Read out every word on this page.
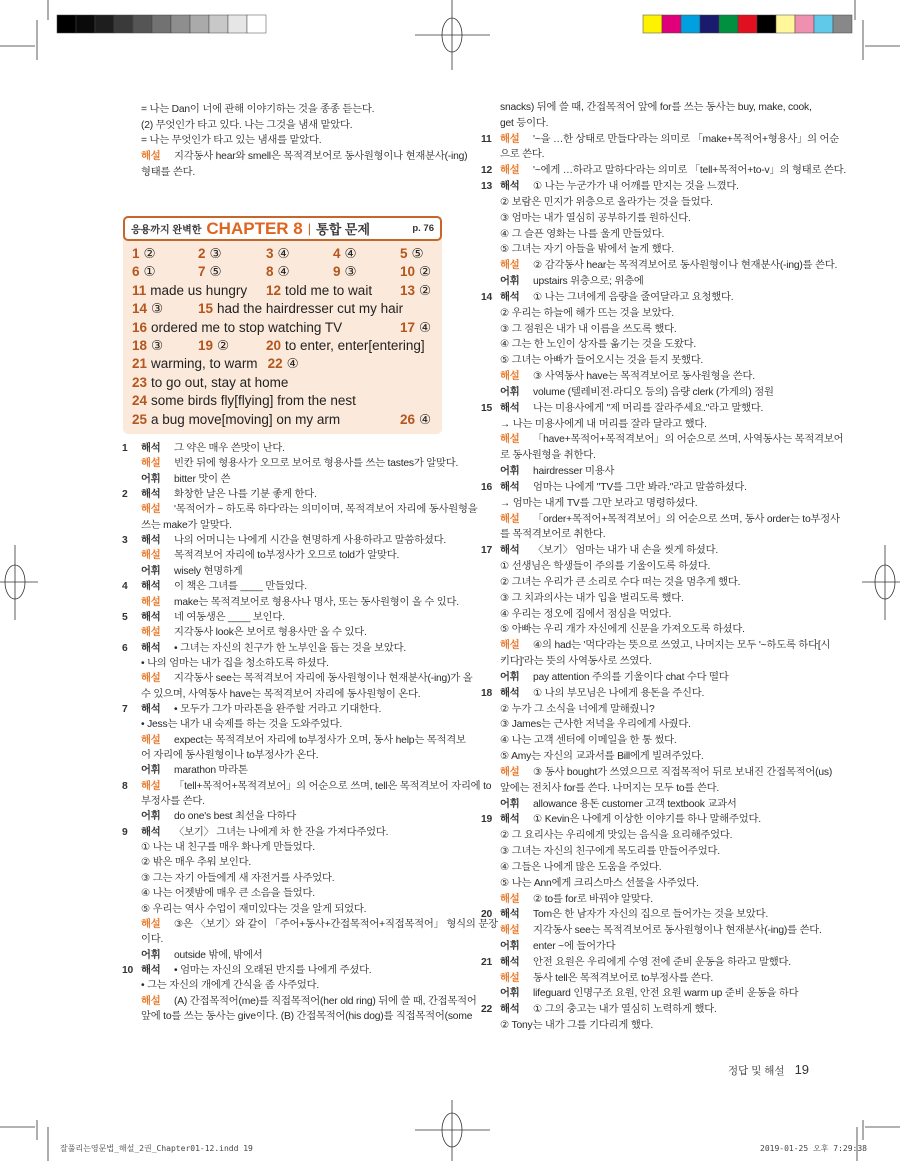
= 나는 Dan이 너에 관해 이야기하는 것을 종종 듣는다.
(2) 무엇인가 타고 있다. 나는 그것을 냄새 맡았다.
= 나는 무엇인가 타고 있는 냄새를 맡았다.
해설 지각동사 hear와 smell은 목적격보어로 동사원형이나 현재분사(-ing)
형태를 쓴다.
응용까지 완벽한 CHAPTER 8 | 통합 문제	p. 76
1 ②	2 ③	3 ④	4 ④	5 ⑤
6 ①	7 ⑤	8 ④	9 ③	10 ②
11 made us hungry 12 told me to wait 13 ②
14 ③	15 had the hairdresser cut my hair
16 ordered me to stop watching TV	17 ④
18 ③	19 ②	20 to enter, enter[entering]
21 warming, to warm 22 ④
23 to go out, stay at home
24 some birds fly[flying] from the nest
25 a bug move[moving] on my arm	26 ④
1 해석 그 약은 매우 쓴맛이 난다.
해설 빈칸 뒤에 형용사가 오므로 보어로 형용사를 쓰는 tastes가 알맞다.
어휘 bitter 맛이 쓴
2 해석 화창한 날은 나를 기분 좋게 한다.
해설 '목적어가 ~ 하도록 하다'라는 의미이며, 목적격보어 자리에 동사원형을
쓰는 make가 알맞다.
3 해석 나의 어머니는 나에게 시간을 현명하게 사용하라고 말씀하셨다.
해설 목적격보어 자리에 to부정사가 오므로 told가 알맞다.
어휘 wisely 현명하게
4 해석 이 책은 그녀를 ____ 만들었다.
해설 make는 목적격보어로 형용사나 명사, 또는 동사원형이 올 수 있다.
5 해석 네 여동생은 ____ 보인다.
해설 지각동사 look은 보어로 형용사만 올 수 있다.
6 해석 • 그녀는 자신의 친구가 한 노부인을 돕는 것을 보았다.
• 나의 엄마는 내가 집을 청소하도록 하셨다.
해설 지각동사 see는 목적격보어 자리에 동사원형이나 현재분사(-ing)가 올
수 있으며, 사역동사 have는 목적격보어 자리에 동사원형이 온다.
7 해석 • 모두가 그가 마라톤을 완주할 거라고 기대한다.
• Jess는 내가 내 숙제를 하는 것을 도와주었다.
해설 expect는 목적격보어 자리에 to부정사가 오며, 동사 help는 목적격보
어 자리에 동사원형이나 to부정사가 온다.
어휘 marathon 마라톤
8 해설 「tell+목적어+목적격보어」의 어순으로 쓰며, tell은 목적격보어 자리에 to
부정사를 쓴다.
어휘 do one's best 최선을 다하다
9 해석 〈보기〉 그녀는 나에게 차 한 잔을 가져다주었다.
① 나는 내 친구를 매우 화나게 만들었다.
② 밖은 매우 추워 보인다.
③ 그는 자기 아들에게 새 자전거를 사주었다.
④ 나는 어젯밤에 매우 큰 소음을 들었다.
⑤ 우리는 역사 수업이 재미있다는 것을 알게 되었다.
해설 ③은 〈보기〉와 같이 「주어+동사+간접목적어+직접목적어」 형식의 문장
이다.
어휘 outside 밖에, 밖에서
10 해석 • 엄마는 자신의 오래된 반지를 나에게 주셨다.
• 그는 자신의 개에게 간식을 좀 사주었다.
해설 (A) 간접목적어(me)를 직접목적어(her old ring) 뒤에 쓸 때, 간접목적어
앞에 to를 쓰는 동사는 give이다. (B) 간접목적어(his dog)를 직접목적어(some
snacks) 뒤에 쓸 때, 간접목적어 앞에 for를 쓰는 동사는 buy, make, cook,
get 등이다.
11 해설 '~을 …한 상태로 만들다'라는 의미로 「make+목적어+형용사」의 어순
으로 쓴다.
12 해설 '~에게 …하라고 말하다'라는 의미로 「tell+목적어+to-v」의 형태로 쓴다.
13 해석 ① 나는 누군가가 내 어깨를 만지는 것을 느꼈다.
② 보람은 민지가 위층으로 올라가는 것을 들었다.
③ 엄마는 내가 열심히 공부하기를 원하신다.
④ 그 슬픈 영화는 나를 울게 만들었다.
⑤ 그녀는 자기 아들을 밖에서 놀게 했다.
해설 ② 감각동사 hear는 목적격보어로 동사원형이나 현재분사(-ing)를 쓴다.
어휘 upstairs 위층으로; 위층에
14 해석 ① 나는 그녀에게 음량을 줄여달라고 요청했다.
② 우리는 하늘에 해가 뜨는 것을 보았다.
③ 그 점원은 내가 내 이름을 쓰도록 했다.
④ 그는 한 노인이 상자를 옮기는 것을 도왔다.
⑤ 그녀는 아빠가 들어오시는 것을 듣지 못했다.
해설 ③ 사역동사 have는 목적격보어로 동사원형을 쓴다.
어휘 volume (텔레비전·라디오 등의) 음량 clerk (가게의) 점원
15 해석 나는 미용사에게 "제 머리를 잘라주세요."라고 말했다.
→ 나는 미용사에게 내 머리를 잘라 달라고 했다.
해설 「have+목적어+목적격보어」의 어순으로 쓰며, 사역동사는 목적격보어
로 동사원형을 취한다.
어휘 hairdresser 미용사
16 해석 엄마는 나에게 "TV를 그만 봐라."라고 말씀하셨다.
→ 엄마는 내게 TV를 그만 보라고 명령하셨다.
해설 「order+목적어+목적격보어」의 어순으로 쓰며, 동사 order는 to부정사
를 목적격보어로 취한다.
17 해석 〈보기〉 엄마는 내가 내 손을 씻게 하셨다.
① 선생님은 학생들이 주의를 기울이도록 하셨다.
② 그녀는 우리가 큰 소리로 수다 떠는 것을 멈추게 했다.
③ 그 치과의사는 내가 입을 벌리도록 했다.
④ 우리는 정오에 집에서 점심을 먹었다.
⑤ 아빠는 우리 개가 자신에게 신문을 가져오도록 하셨다.
해설 ④의 had는 '먹다'라는 뜻으로 쓰였고, 나머지는 모두 '~하도록 하다[시
키다]'라는 뜻의 사역동사로 쓰였다.
어휘 pay attention 주의를 기울이다 chat 수다 떨다
18 해석 ① 나의 부모님은 나에게 용돈을 주신다.
② 누가 그 소식을 너에게 말해줬니?
③ James는 근사한 저녁을 우리에게 사줬다.
④ 나는 고객 센터에 이메일을 한 통 썼다.
⑤ Amy는 자신의 교과서를 Bill에게 빌려주었다.
해설 ③ 동사 bought가 쓰였으므로 직접목적어 뒤로 보내진 간접목적어(us)
앞에는 전치사 for를 쓴다. 나머지는 모두 to를 쓴다.
어휘 allowance 용돈 customer 고객 textbook 교과서
19 해석 ① Kevin은 나에게 이상한 이야기를 하나 말해주었다.
② 그 요리사는 우리에게 맛있는 음식을 요리해주었다.
③ 그녀는 자신의 친구에게 목도리를 만들어주었다.
④ 그들은 나에게 많은 도움을 주었다.
⑤ 나는 Ann에게 크리스마스 선물을 사주었다.
해설 ② to를 for로 바꿔야 알맞다.
20 해석 Tom은 한 남자가 자신의 집으로 들어가는 것을 보았다.
해설 지각동사 see는 목적격보어로 동사원형이나 현재분사(-ing)를 쓴다.
어휘 enter ~에 들어가다
21 해석 안전 요원은 우리에게 수영 전에 준비 운동을 하라고 말했다.
해설 동사 tell은 목적격보어로 to부정사를 쓴다.
어휘 lifeguard 인명구조 요원, 안전 요원 warm up 준비 운동을 하다
22 해석 ① 그의 충고는 내가 열심히 노력하게 했다.
② Tony는 내가 그를 기다리게 했다.
정답 및 해설 19
잘풀리는영문법_해설_2권_Chapter01-12.indd 19	2019-01-25 오후 7:29:38
